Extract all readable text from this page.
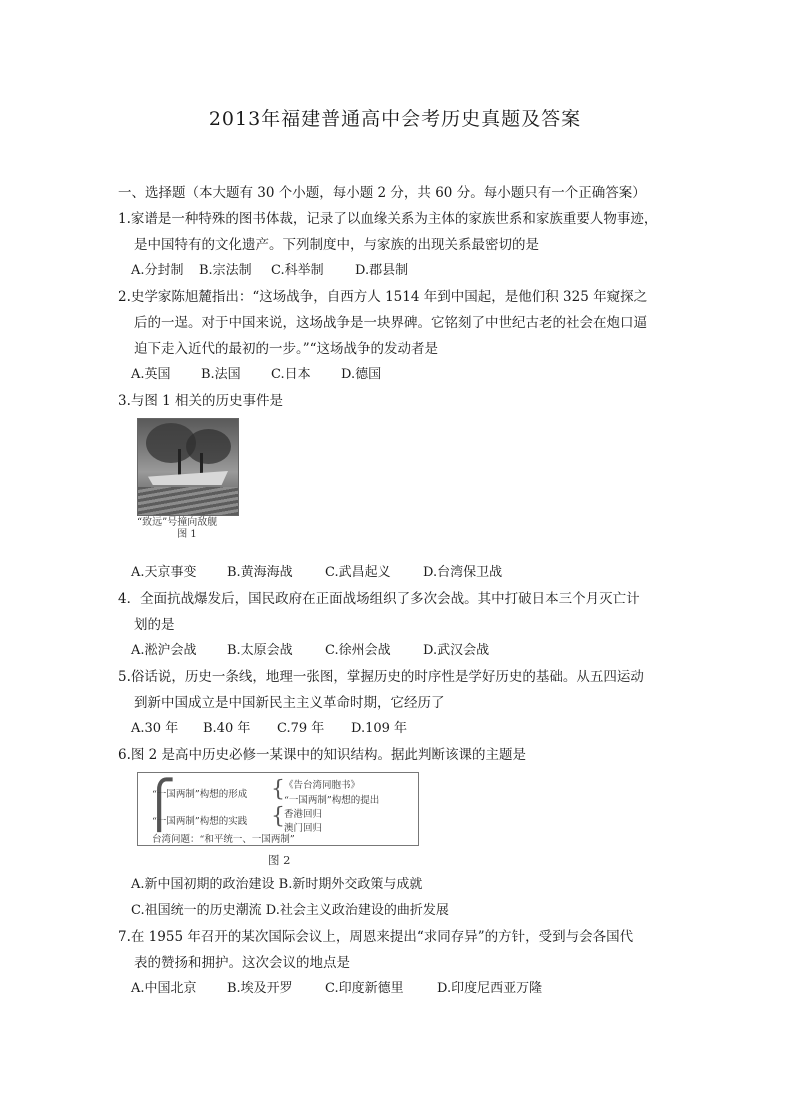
2013年福建普通高中会考历史真题及答案
一、选择题（本大题有 30 个小题，每小题 2 分，共 60 分。每小题只有一个正确答案）
1.家谱是一种特殊的图书体裁，记录了以血缘关系为主体的家族世系和家族重要人物事迹，
是中国特有的文化遗产。下列制度中，与家族的出现关系最密切的是
A.分封制 B.宗法制 C.科举制 D.郡县制
2.史学家陈旭麓指出：“这场战争，自西方人 1514 年到中国起，是他们积 325 年窥探之
后的一逞。对于中国来说，这场战争是一块界碑。它铭刻了中世纪古老的社会在炮口逼
迫下走入近代的最初的一步。”“这场战争的发动者是
A.英国 B.法国 C.日本 D.德国
3.与图 1 相关的历史事件是
“致远”号撞向敌舰
图 1
A.天京事变 B.黄海海战 C.武昌起义 D.台湾保卫战
4．全面抗战爆发后，国民政府在正面战场组织了多次会战。其中打破日本三个月灭亡计
划的是
A.淞沪会战 B.太原会战 C.徐州会战 D.武汉会战
5.俗话说，历史一条线，地理一张图，掌握历史的时序性是学好历史的基础。从五四运动
到新中国成立是中国新民主主义革命时期，它经历了
A.30 年 B.40 年 C.79 年 D.109 年
6.图 2 是高中历史必修一某课中的知识结构。据此判断该课的主题是
⎧
“一国两制”构想的形成 { 《告台湾同胞书》
“一国两制”构想的提出
“一国两制”构想的实践 { 香港回归
澳门回归
台湾问题：“和平统一、一国两制”
图 2
A.新中国初期的政治建设 B.新时期外交政策与成就
C.祖国统一的历史潮流 D.社会主义政治建设的曲折发展
7.在 1955 年召开的某次国际会议上，周恩来提出“求同存异”的方针，受到与会各国代
表的赞扬和拥护。这次会议的地点是
A.中国北京 B.埃及开罗 C.印度新德里	D.印度尼西亚万隆
